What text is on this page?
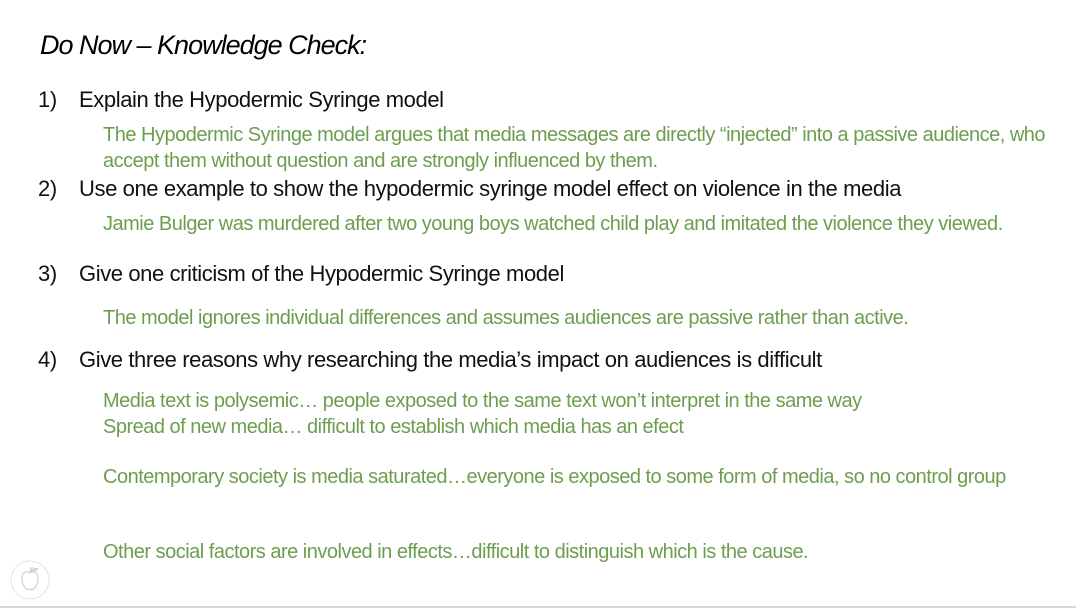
Do Now – Knowledge Check:
1) Explain the Hypodermic Syringe model
The Hypodermic Syringe model argues that media messages are directly “injected” into a passive audience, who accept them without question and are strongly influenced by them.
2) Use one example to show the hypodermic syringe model effect on violence in the media
Jamie Bulger was murdered after two young boys watched child play and imitated the violence they viewed.
3) Give one criticism of the Hypodermic Syringe model
The model ignores individual differences and assumes audiences are passive rather than active.
4) Give three reasons why researching the media’s impact on audiences is difficult
Media text is polysemic… people exposed to the same text won’t interpret in the same way
Spread of new media… difficult to establish which media has an efect
Contemporary society is media saturated…everyone is exposed to some form of media, so no control group
Other social factors are involved in effects…difficult to distinguish which is the cause.
